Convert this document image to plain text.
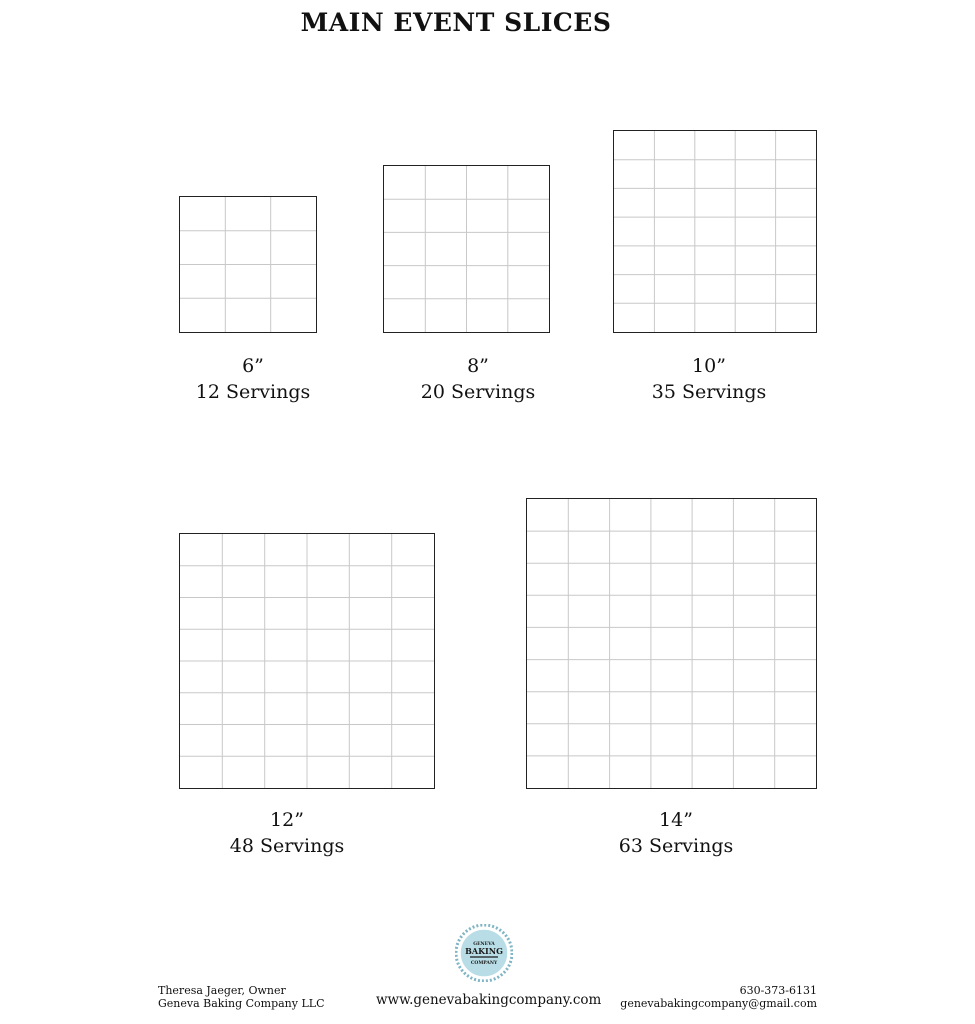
MAIN EVENT SLICES
6”
12 Servings
8”
20 Servings
10”
35 Servings
12”
48 Servings
14”
63 Servings
GENEVA
BAKING
COMPANY
Theresa Jaeger, Owner
Geneva Baking Company LLC	www.genevabakingcompany.com
630-373-6131
genevabakingcompany@gmail.com
